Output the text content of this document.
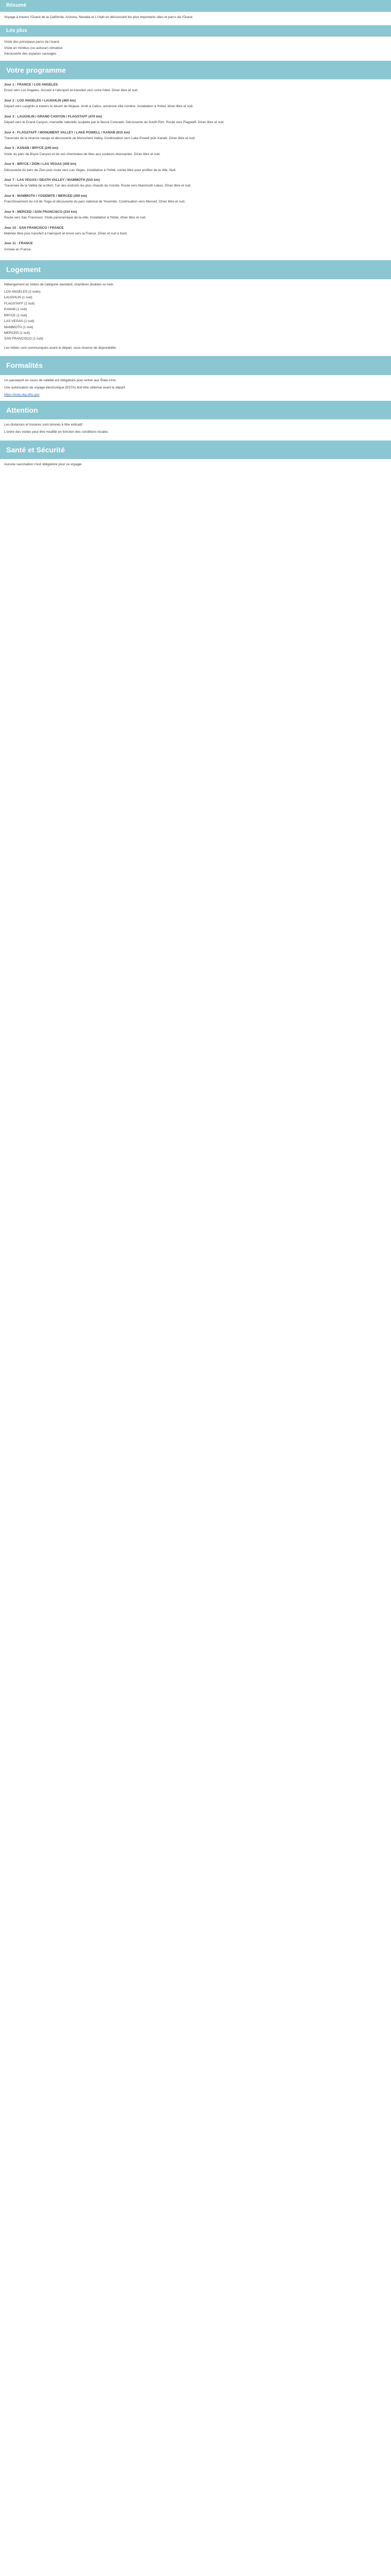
Résumé

Voyage à travers l'Ouest de la Californie, Arizona, Nevada et L'Utah en découvrant les plus importants sites et parcs de l'Ouest.

Les plus
Visite des principaux parcs de l'ouest
Visite en minibus (ou autocar) climatisé
Découverte des espaces sauvages
Votre programme
Jour 1 : FRANCE / LOS ANGELES

Envol vers Los Angeles. Accueil à l'aéroport et transfert vers votre hôtel. Dîner libre et nuit.

Jour 2 : LOS ANGELES / LAUGHLIN (460 km)

Départ vers Laughlin à travers le désert de Mojave. Arrêt à Calico, ancienne ville minière. Installation à l'hôtel, dîner libre et nuit.

Jour 3 : LAUGHLIN / GRAND CANYON / FLAGSTAFF (470 km)

Départ vers le Grand Canyon, merveille naturelle sculptée par le fleuve Colorado. Découverte du South Rim. Route vers Flagstaff. Dîner libre et nuit.

Jour 4 : FLAGSTAFF / MONUMENT VALLEY / LAKE POWELL / KANAB (615 km)

Traversée de la réserve navajo et découverte de Monument Valley. Continuation vers Lake Powell puis Kanab. Dîner libre et nuit.

Jour 5 : KANAB / BRYCE (245 km)

Visite du parc de Bryce Canyon et de ses cheminées de fées aux couleurs étonnantes. Dîner libre et nuit.

Jour 6 : BRYCE / ZION / LAS VEGAS (430 km)

Découverte du parc de Zion puis route vers Las Vegas. Installation à l'hôtel, soirée libre pour profiter de la ville. Nuit.

Jour 7 : LAS VEGAS / DEATH VALLEY / MAMMOTH (515 km)

Traversée de la Vallée de la Mort, l'un des endroits les plus chauds du monde. Route vers Mammoth Lakes. Dîner libre et nuit.

Jour 8 : MAMMOTH / YOSEMITE / MERCED (300 km)

Franchissement du col de Tioga et découverte du parc national de Yosemite. Continuation vers Merced. Dîner libre et nuit.

Jour 9 : MERCED / SAN FRANCISCO (210 km)

Route vers San Francisco. Visite panoramique de la ville. Installation à l'hôtel, dîner libre et nuit.

Jour 10 : SAN FRANCISCO / FRANCE

Matinée libre puis transfert à l'aéroport et envol vers la France. Dîner et nuit à bord.

Jour 11 : FRANCE

Arrivée en France.

Logement

Hébergement en hôtels de catégorie standard, chambres doubles ou twin.

LOS ANGELES (2 nuits)
LAUGHLIN (1 nuit)
FLAGSTAFF (1 nuit)
KANAB (1 nuit)
BRYCE (1 nuit)
LAS VEGAS (1 nuit)
MAMMOTH (1 nuit)
MERCED (1 nuit)
SAN FRANCISCO (1 nuit)

Les hôtels sont communiqués avant le départ, sous réserve de disponibilité.

Formalités

Un passeport en cours de validité est obligatoire pour entrer aux États-Unis.

Une autorisation de voyage électronique (ESTA) doit être obtenue avant le départ.

https://esta.cbp.dhs.gov
Attention

Les distances et horaires sont donnés à titre indicatif.

L'ordre des visites peut être modifié en fonction des conditions locales.

Santé et Sécurité

Aucune vaccination n'est obligatoire pour ce voyage.
